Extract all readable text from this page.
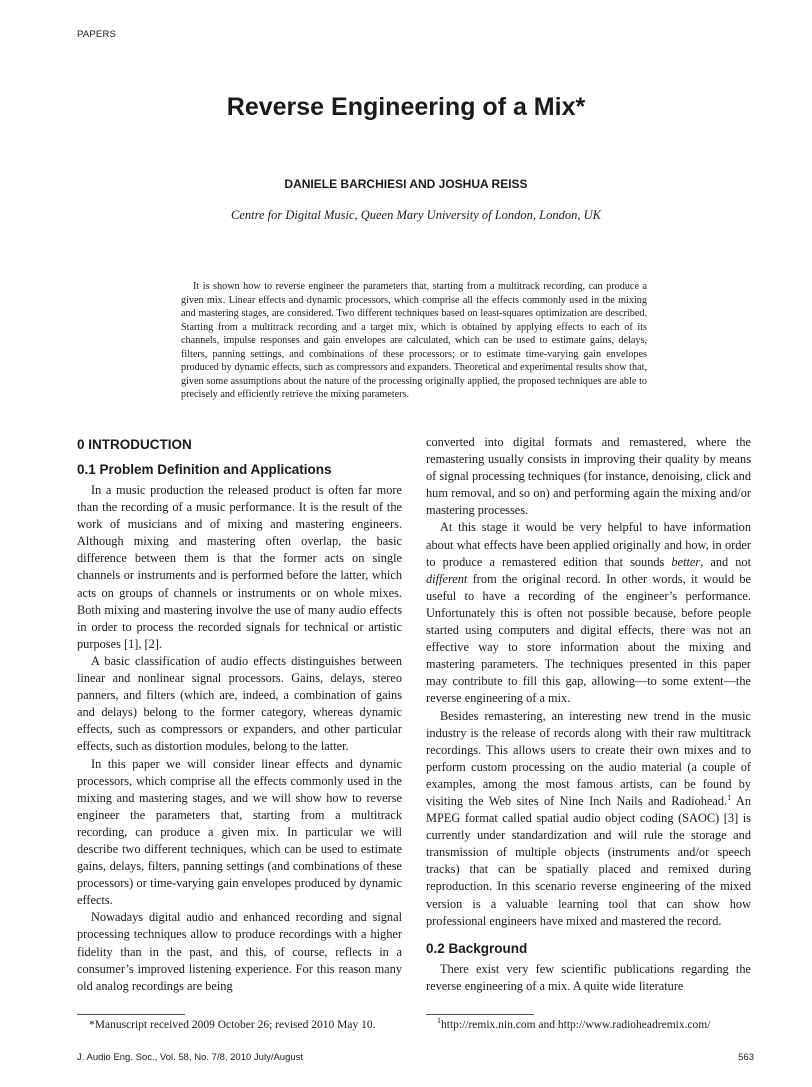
PAPERS
Reverse Engineering of a Mix*
DANIELE BARCHIESI AND JOSHUA REISS
Centre for Digital Music, Queen Mary University of London, London, UK

It is shown how to reverse engineer the parameters that, starting from a multitrack recording, can produce a given mix. Linear effects and dynamic processors, which comprise all the effects commonly used in the mixing and mastering stages, are considered. Two different techniques based on least-squares optimization are described. Starting from a multitrack recording and a target mix, which is obtained by applying effects to each of its channels, impulse responses and gain envelopes are calculated, which can be used to estimate gains, delays, filters, panning settings, and combinations of these processors; or to estimate time-varying gain envelopes produced by dynamic effects, such as compressors and expanders. Theoretical and experimental results show that, given some assumptions about the nature of the processing originally applied, the proposed techniques are able to precisely and efficiently retrieve the mixing parameters.

0 INTRODUCTION
0.1 Problem Definition and Applications

In a music production the released product is often far more than the recording of a music performance. It is the result of the work of musicians and of mixing and mastering engineers. Although mixing and mastering often overlap, the basic difference between them is that the former acts on single channels or instruments and is performed before the latter, which acts on groups of channels or instruments or on whole mixes. Both mixing and mastering involve the use of many audio effects in order to process the recorded signals for technical or artistic purposes [1], [2].

A basic classification of audio effects distinguishes between linear and nonlinear signal processors. Gains, delays, stereo panners, and filters (which are, indeed, a combination of gains and delays) belong to the former category, whereas dynamic effects, such as compressors or expanders, and other particular effects, such as distortion modules, belong to the latter.

In this paper we will consider linear effects and dynamic processors, which comprise all the effects commonly used in the mixing and mastering stages, and we will show how to reverse engineer the parameters that, starting from a multitrack recording, can produce a given mix. In particular we will describe two different techniques, which can be used to estimate gains, delays, filters, panning settings (and combinations of these processors) or time-varying gain envelopes produced by dynamic effects.

Nowadays digital audio and enhanced recording and signal processing techniques allow to produce recordings with a higher fidelity than in the past, and this, of course, reflects in a consumer’s improved listening experience. For this reason many old analog recordings are being

converted into digital formats and remastered, where the remastering usually consists in improving their quality by means of signal processing techniques (for instance, denoising, click and hum removal, and so on) and performing again the mixing and/or mastering processes.

At this stage it would be very helpful to have information about what effects have been applied originally and how, in order to produce a remastered edition that sounds better, and not different from the original record. In other words, it would be useful to have a recording of the engineer’s performance. Unfortunately this is often not possible because, before people started using computers and digital effects, there was not an effective way to store information about the mixing and mastering parameters. The techniques presented in this paper may contribute to fill this gap, allowing—to some extent—the reverse engineering of a mix.

Besides remastering, an interesting new trend in the music industry is the release of records along with their raw multitrack recordings. This allows users to create their own mixes and to perform custom processing on the audio material (a couple of examples, among the most famous artists, can be found by visiting the Web sites of Nine Inch Nails and Radiohead.$^1$ An MPEG format called spatial audio object coding (SAOC) [3] is currently under standardization and will rule the storage and transmission of multiple objects (instruments and/or speech tracks) that can be spatially placed and remixed during reproduction. In this scenario reverse engineering of the mixed version is a valuable learning tool that can show how professional engineers have mixed and mastered the record.

0.2 Background

There exist very few scientific publications regarding the reverse engineering of a mix. A quite wide literature

*Manuscript received 2009 October 26; revised 2010 May 10.	$^1$http://remix.nin.com and http://www.radioheadremix.com/
J. Audio Eng. Soc., Vol. 58, No. 7/8, 2010 July/August	563
